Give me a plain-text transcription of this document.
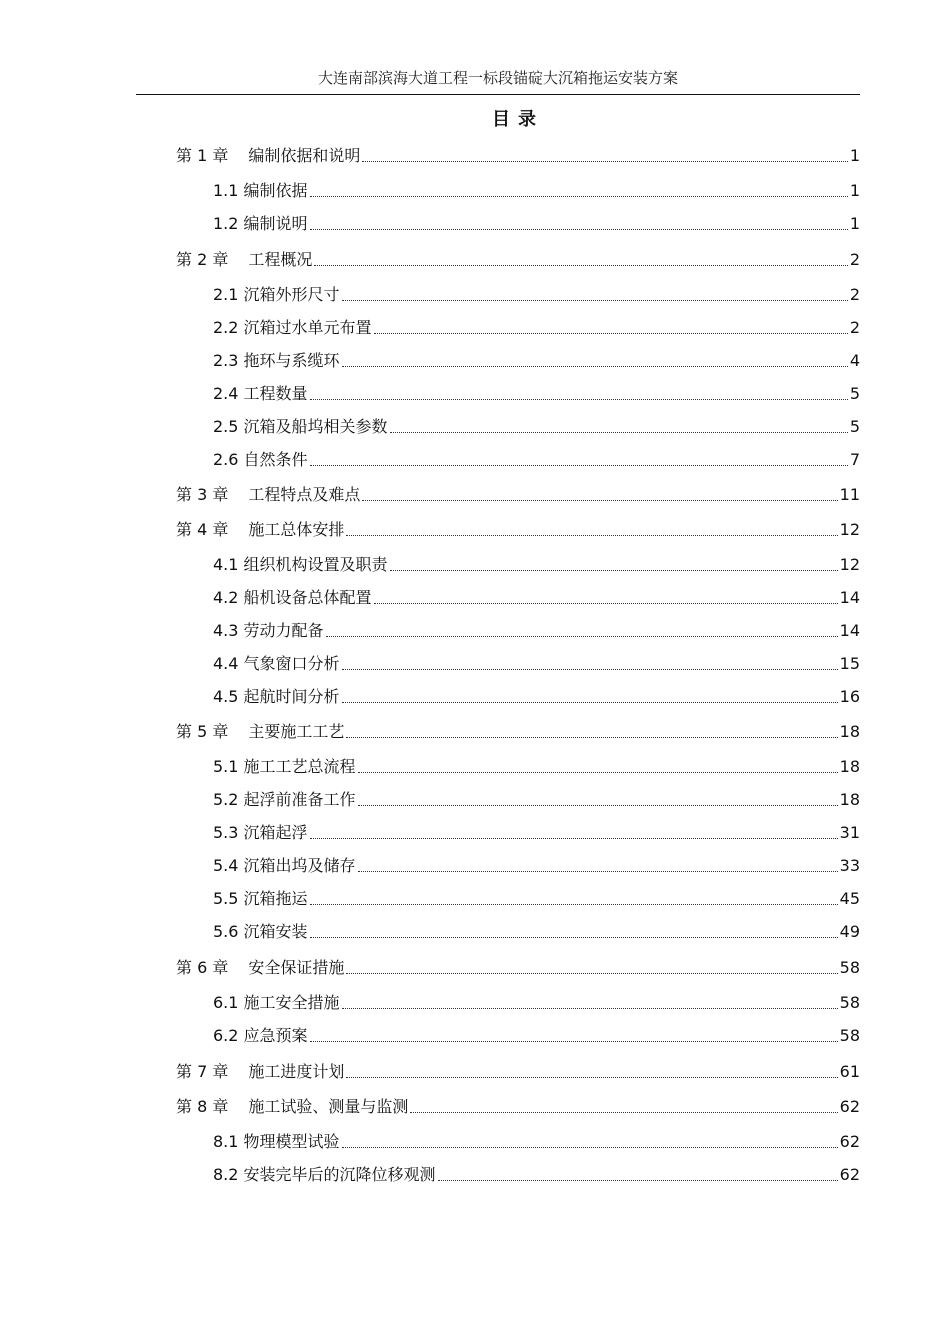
大连南部滨海大道工程一标段锚碇大沉箱拖运安装方案
目录
第 1 章 编制依据和说明	1
1.1 编制依据	1
1.2 编制说明	1
第 2 章 工程概况	2
2.1 沉箱外形尺寸	2
2.2 沉箱过水单元布置	2
2.3 拖环与系缆环	4
2.4 工程数量	5
2.5 沉箱及船坞相关参数	5
2.6 自然条件	7
第 3 章 工程特点及难点	11
第 4 章 施工总体安排	12
4.1 组织机构设置及职责	12
4.2 船机设备总体配置	14
4.3 劳动力配备	14
4.4 气象窗口分析	15
4.5 起航时间分析	16
第 5 章 主要施工工艺	18
5.1 施工工艺总流程	18
5.2 起浮前准备工作	18
5.3 沉箱起浮	31
5.4 沉箱出坞及储存	33
5.5 沉箱拖运	45
5.6 沉箱安装	49
第 6 章 安全保证措施	58
6.1 施工安全措施	58
6.2 应急预案	58
第 7 章 施工进度计划	61
第 8 章 施工试验、测量与监测	62
8.1 物理模型试验	62
8.2 安装完毕后的沉降位移观测	62
